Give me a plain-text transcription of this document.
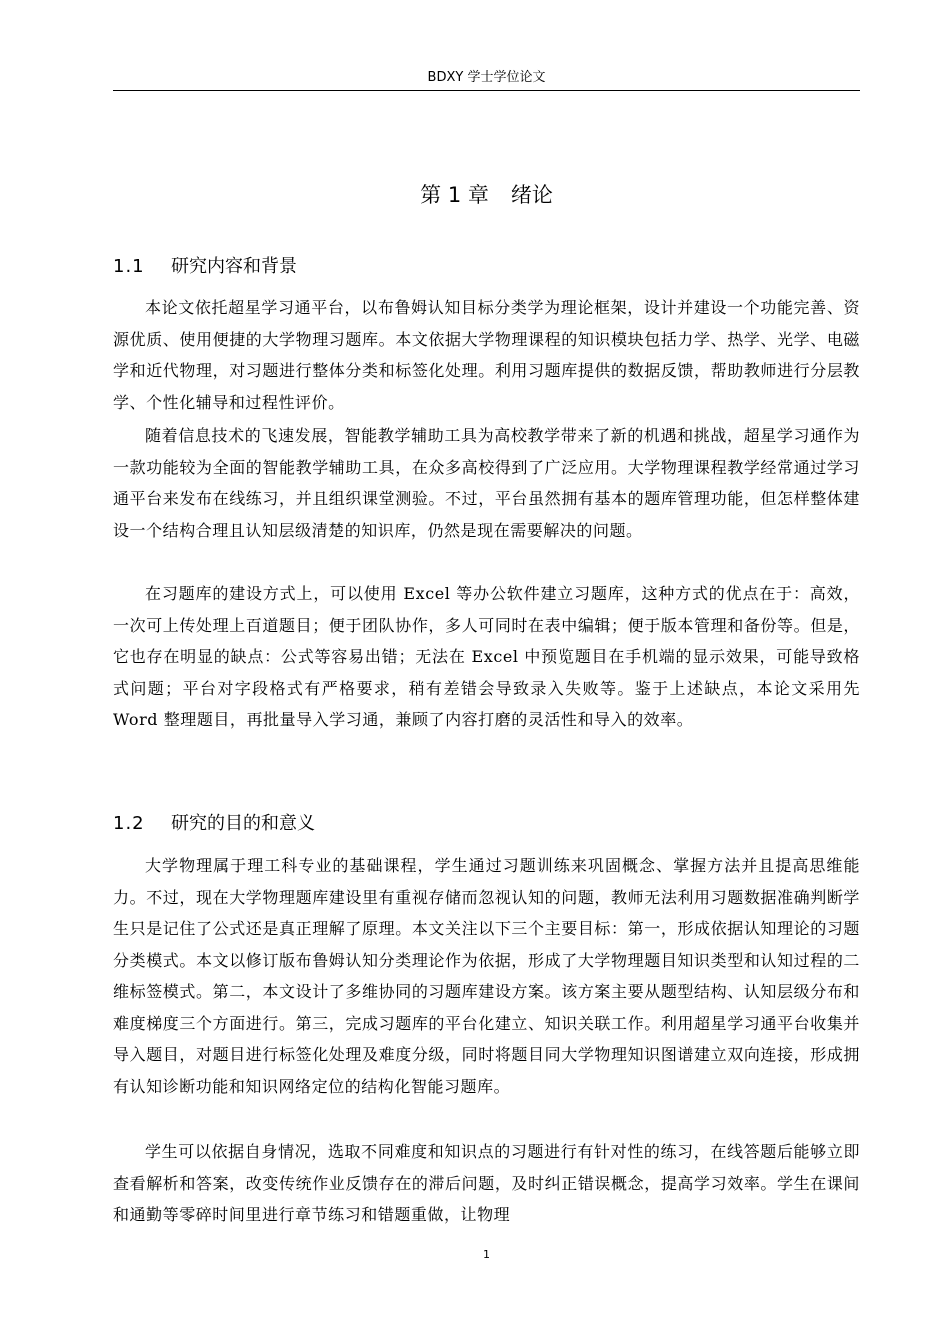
BDXY 学士学位论文
第 1 章 绪论
1.1 研究内容和背景

本论文依托超星学习通平台，以布鲁姆认知目标分类学为理论框架，设计并建设一个功能完善、资源优质、使用便捷的大学物理习题库。本文依据大学物理课程的知识模块包括力学、热学、光学、电磁学和近代物理，对习题进行整体分类和标签化处理。利用习题库提供的数据反馈，帮助教师进行分层教学、个性化辅导和过程性评价。

随着信息技术的飞速发展，智能教学辅助工具为高校教学带来了新的机遇和挑战，超星学习通作为一款功能较为全面的智能教学辅助工具，在众多高校得到了广泛应用。大学物理课程教学经常通过学习通平台来发布在线练习，并且组织课堂测验。不过，平台虽然拥有基本的题库管理功能，但怎样整体建设一个结构合理且认知层级清楚的知识库，仍然是现在需要解决的问题。

在习题库的建设方式上，可以使用 Excel 等办公软件建立习题库，这种方式的优点在于：高效，一次可上传处理上百道题目；便于团队协作，多人可同时在表中编辑；便于版本管理和备份等。但是，它也存在明显的缺点：公式等容易出错；无法在 Excel 中预览题目在手机端的显示效果，可能导致格式问题；平台对字段格式有严格要求，稍有差错会导致录入失败等。鉴于上述缺点，本论文采用先 Word 整理题目，再批量导入学习通，兼顾了内容打磨的灵活性和导入的效率。

1.2 研究的目的和意义

大学物理属于理工科专业的基础课程，学生通过习题训练来巩固概念、掌握方法并且提高思维能力。不过，现在大学物理题库建设里有重视存储而忽视认知的问题，教师无法利用习题数据准确判断学生只是记住了公式还是真正理解了原理。本文关注以下三个主要目标：第一，形成依据认知理论的习题分类模式。本文以修订版布鲁姆认知分类理论作为依据，形成了大学物理题目知识类型和认知过程的二维标签模式。第二，本文设计了多维协同的习题库建设方案。该方案主要从题型结构、认知层级分布和难度梯度三个方面进行。第三，完成习题库的平台化建立、知识关联工作。利用超星学习通平台收集并导入题目，对题目进行标签化处理及难度分级，同时将题目同大学物理知识图谱建立双向连接，形成拥有认知诊断功能和知识网络定位的结构化智能习题库。

学生可以依据自身情况，选取不同难度和知识点的习题进行有针对性的练习，在线答题后能够立即查看解析和答案，改变传统作业反馈存在的滞后问题，及时纠正错误概念，提高学习效率。学生在课间和通勤等零碎时间里进行章节练习和错题重做，让物理

1
